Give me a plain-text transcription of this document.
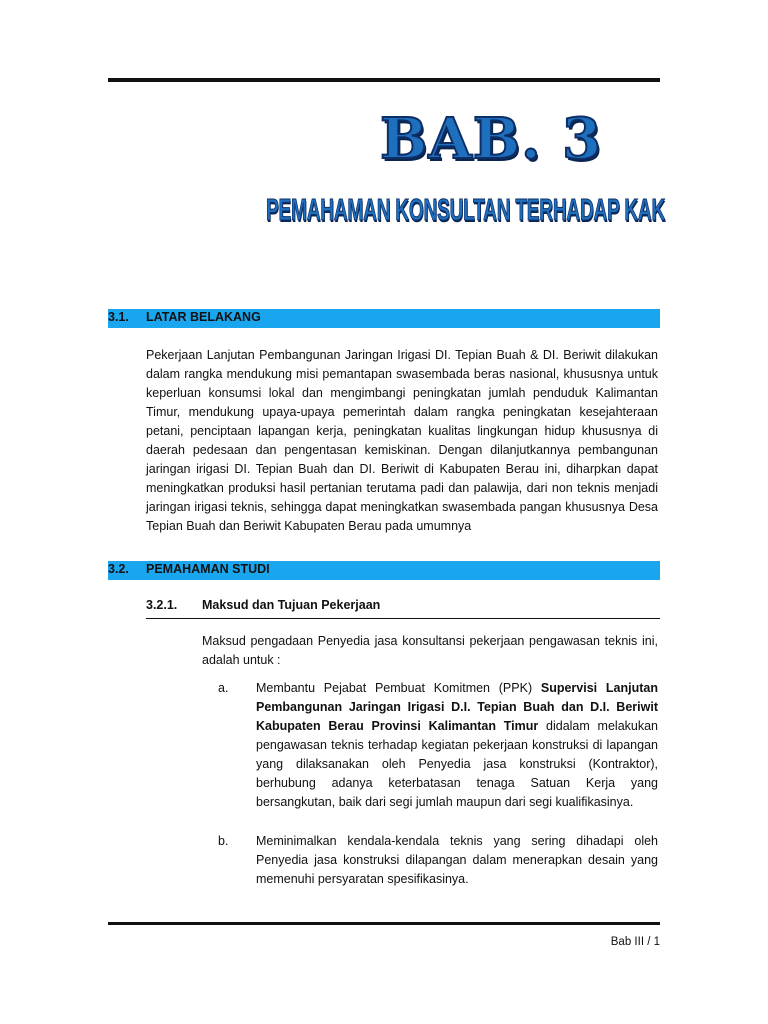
BAB. 3
PEMAHAMAN KONSULTAN TERHADAP KAK
3.1. LATAR BELAKANG
Pekerjaan Lanjutan Pembangunan Jaringan Irigasi DI. Tepian Buah & DI. Beriwit dilakukan dalam rangka mendukung misi pemantapan swasembada beras nasional, khususnya untuk keperluan konsumsi lokal dan mengimbangi peningkatan jumlah penduduk Kalimantan Timur, mendukung upaya-upaya pemerintah dalam rangka peningkatan kesejahteraan petani, penciptaan lapangan kerja, peningkatan kualitas lingkungan hidup khususnya di daerah pedesaan dan pengentasan kemiskinan. Dengan dilanjutkannya pembangunan jaringan irigasi DI. Tepian Buah dan DI. Beriwit di Kabupaten Berau ini, diharpkan dapat meningkatkan produksi hasil pertanian terutama padi dan palawija, dari non teknis menjadi jaringan irigasi teknis, sehingga dapat meningkatkan swasembada pangan khususnya Desa Tepian Buah dan Beriwit Kabupaten Berau pada umumnya
3.2. PEMAHAMAN STUDI
3.2.1. Maksud dan Tujuan Pekerjaan
Maksud pengadaan Penyedia jasa konsultansi pekerjaan pengawasan teknis ini, adalah untuk :
a. Membantu Pejabat Pembuat Komitmen (PPK) Supervisi Lanjutan Pembangunan Jaringan Irigasi D.I. Tepian Buah dan D.I. Beriwit Kabupaten Berau Provinsi Kalimantan Timur didalam melakukan pengawasan teknis terhadap kegiatan pekerjaan konstruksi di lapangan yang dilaksanakan oleh Penyedia jasa konstruksi (Kontraktor), berhubung adanya keterbatasan tenaga Satuan Kerja yang bersangkutan, baik dari segi jumlah maupun dari segi kualifikasinya.
b. Meminimalkan kendala-kendala teknis yang sering dihadapi oleh Penyedia jasa konstruksi dilapangan dalam menerapkan desain yang memenuhi persyaratan spesifikasinya.
Bab III / 1
